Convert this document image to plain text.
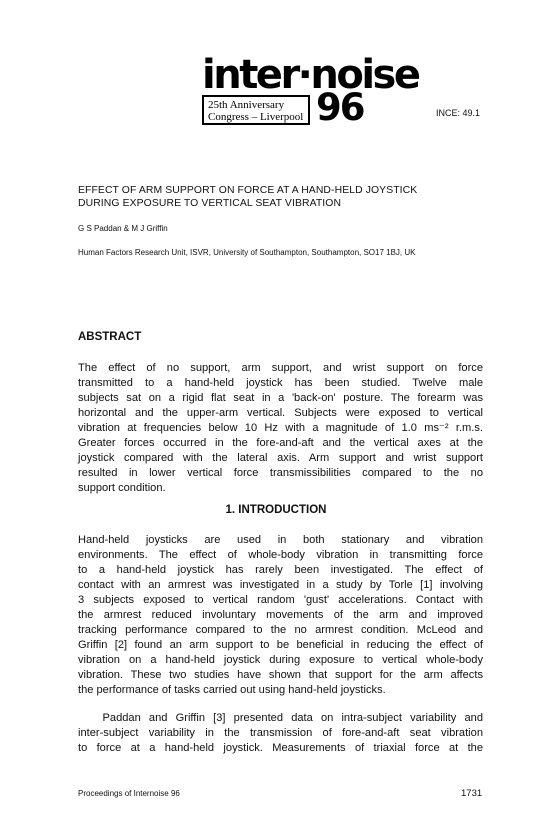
inter·noise
25th Anniversary
Congress – Liverpool 96	INCE: 49.1
EFFECT OF ARM SUPPORT ON FORCE AT A HAND-HELD JOYSTICK
DURING EXPOSURE TO VERTICAL SEAT VIBRATION
G S Paddan & M J Griffin
Human Factors Research Unit, ISVR, University of Southampton, Southampton, SO17 1BJ, UK
ABSTRACT
The effect of no support, arm support, and wrist support on force
transmitted to a hand-held joystick has been studied. Twelve male
subjects sat on a rigid flat seat in a 'back-on' posture. The forearm was
horizontal and the upper-arm vertical. Subjects were exposed to vertical
vibration at frequencies below 10 Hz with a magnitude of 1.0 ms⁻² r.m.s.
Greater forces occurred in the fore-and-aft and the vertical axes at the
joystick compared with the lateral axis. Arm support and wrist support
resulted in lower vertical force transmissibilities compared to the no
support condition.
1. INTRODUCTION
Hand-held joysticks are used in both stationary and vibration
environments. The effect of whole-body vibration in transmitting force
to a hand-held joystick has rarely been investigated. The effect of
contact with an armrest was investigated in a study by Torle [1] involving
3 subjects exposed to vertical random 'gust' accelerations. Contact with
the armrest reduced involuntary movements of the arm and improved
tracking performance compared to the no armrest condition. McLeod and
Griffin [2] found an arm support to be beneficial in reducing the effect of
vibration on a hand-held joystick during exposure to vertical whole-body
vibration. These two studies have shown that support for the arm affects
the performance of tasks carried out using hand-held joysticks.
Paddan and Griffin [3] presented data on intra-subject variability and
inter-subject variability in the transmission of fore-and-aft seat vibration
to force at a hand-held joystick. Measurements of triaxial force at the
Proceedings of Internoise 96	1731
